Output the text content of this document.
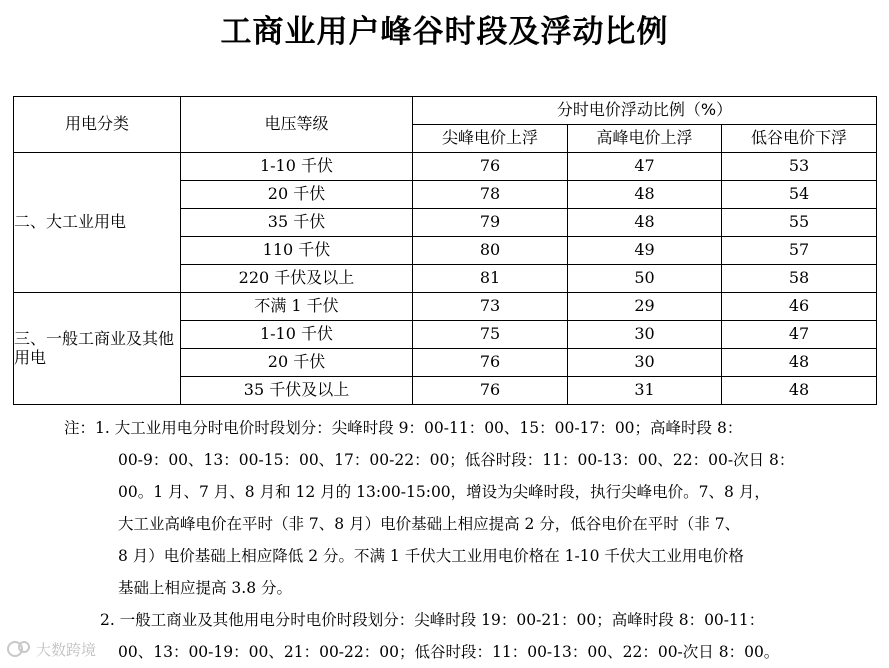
工商业用户峰谷时段及浮动比例
用电分类	电压等级	分时电价浮动比例（%）		
		尖峰电价上浮	高峰电价上浮	低谷电价下浮
二、大工业用电	1-10 千伏	76	47	53
	20 千伏	78	48	54
	35 千伏	79	48	55
	110 千伏	80	49	57
	220 千伏及以上	81	50	58
三、一般工商业及其他用电	不满 1 千伏	73	29	46
	1-10 千伏	75	30	47
	20 千伏	76	30	48
	35 千伏及以上	76	31	48
注：1. 大工业用电分时电价时段划分：尖峰时段 9：00-11：00、15：00-17：00；高峰时段 8：
00-9：00、13：00-15：00、17：00-22：00；低谷时段：11：00-13：00、22：00-次日 8：
00。1 月、7 月、8 月和 12 月的 13:00-15:00，增设为尖峰时段，执行尖峰电价。7、8 月，
大工业高峰电价在平时（非 7、8 月）电价基础上相应提高 2 分，低谷电价在平时（非 7、
8 月）电价基础上相应降低 2 分。不满 1 千伏大工业用电价格在 1-10 千伏大工业用电价格
基础上相应提高 3.8 分。
2. 一般工商业及其他用电分时电价时段划分：尖峰时段 19：00-21：00；高峰时段 8：00-11：
00、13：00-19：00、21：00-22：00；低谷时段：11：00-13：00、22：00-次日 8：00。
大数跨境
